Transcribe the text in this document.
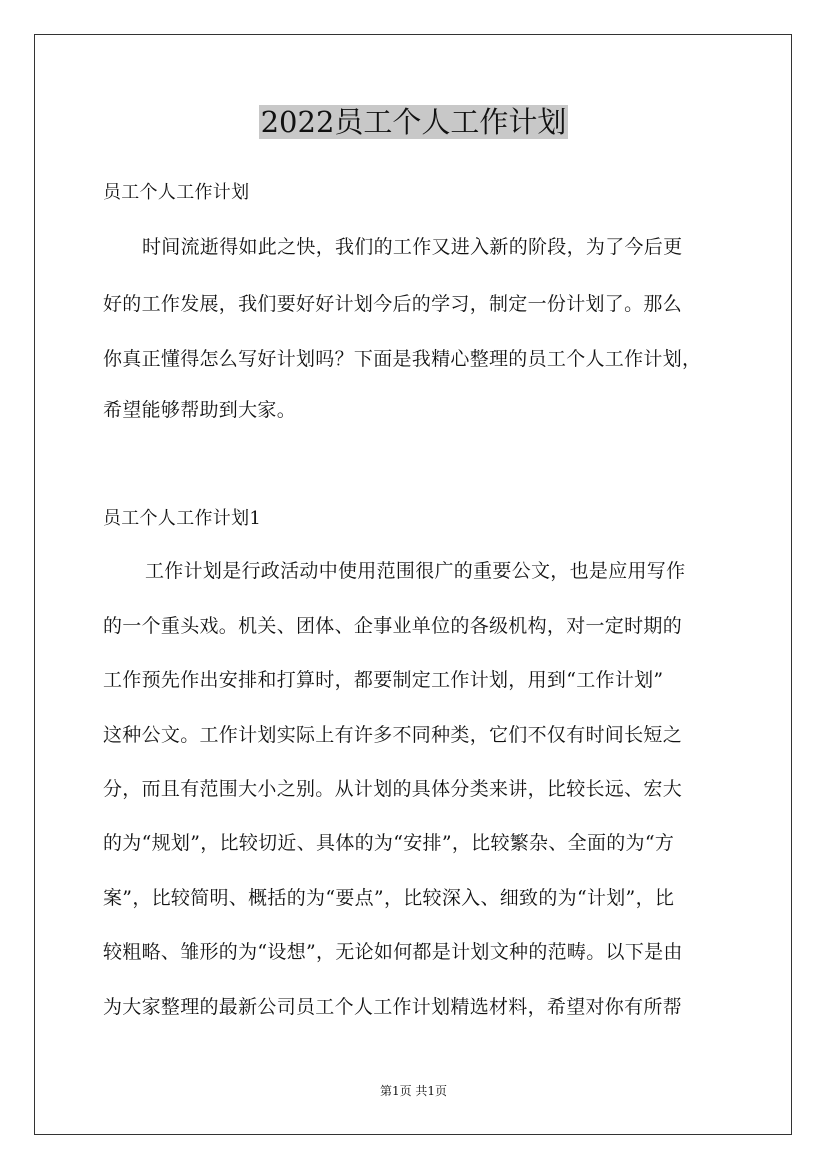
2022员工个人工作计划
员工个人工作计划
时间流逝得如此之快，我们的工作又进入新的阶段，为了今后更
好的工作发展，我们要好好计划今后的学习，制定一份计划了。那么
你真正懂得怎么写好计划吗？下面是我精心整理的员工个人工作计划，
希望能够帮助到大家。
员工个人工作计划1
工作计划是行政活动中使用范围很广的重要公文，也是应用写作
的一个重头戏。机关、团体、企事业单位的各级机构，对一定时期的
工作预先作出安排和打算时，都要制定工作计划，用到“工作计划”
这种公文。工作计划实际上有许多不同种类，它们不仅有时间长短之
分，而且有范围大小之别。从计划的具体分类来讲，比较长远、宏大
的为“规划”，比较切近、具体的为“安排”，比较繁杂、全面的为“方
案”，比较简明、概括的为“要点”，比较深入、细致的为“计划”，比
较粗略、雏形的为“设想”，无论如何都是计划文种的范畴。以下是由
为大家整理的最新公司员工个人工作计划精选材料，希望对你有所帮
第1页 共1页
